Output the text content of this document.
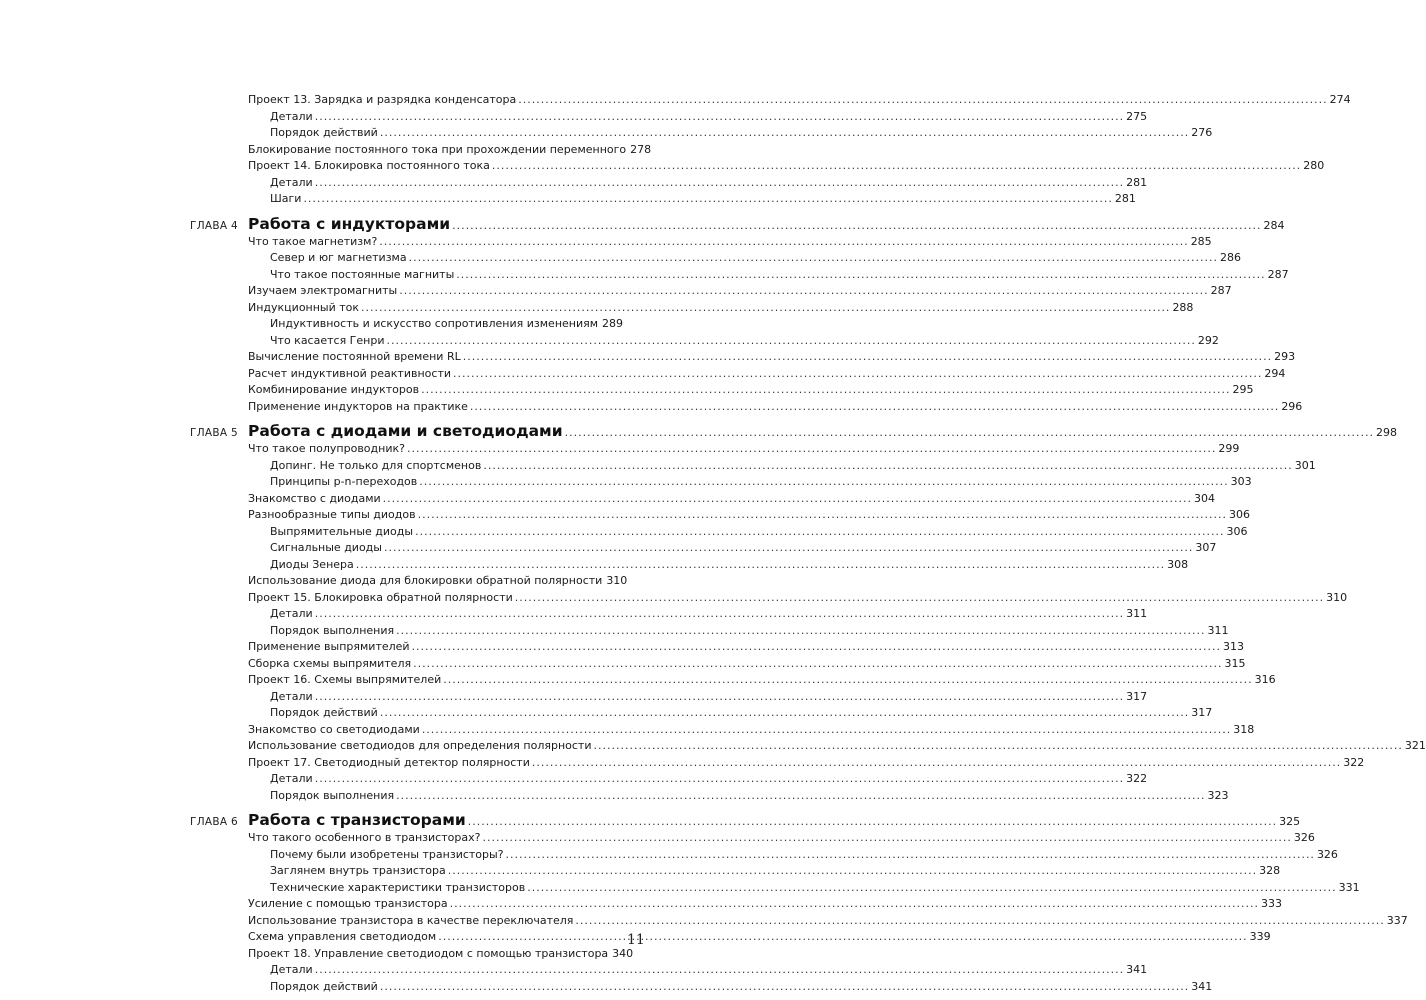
Проект 13. Зарядка и разрядка конденсатора .....	274
Детали .....	275
Порядок действий .....	276
Блокирование постоянного тока при прохождении переменного 278
Проект 14. Блокировка постоянного тока .....	280
Детали .....	281
Шаги .....	281
ГЛАВА 4 Работа с индукторами .....	284
Что такое магнетизм? .....	285
Север и юг магнетизма .....	286
Что такое постоянные магниты .....	287
Изучаем электромагниты .....	287
Индукционный ток .....	288
Индуктивность и искусство сопротивления изменениям 289
Что касается Генри .....	292
Вычисление постоянной времени RL .....	293
Расчет индуктивной реактивности .....	294
Комбинирование индукторов .....	295
Применение индукторов на практике .....	296
ГЛАВА 5 Работа с диодами и светодиодами .....	298
Что такое полупроводник? .....	299
Допинг. Не только для спортсменов .....	301
Принципы p-n-переходов .....	303
Знакомство с диодами .....	304
Разнообразные типы диодов .....	306
Выпрямительные диоды .....	306
Сигнальные диоды .....	307
Диоды Зенера .....	308
Использование диода для блокировки обратной полярности 310
Проект 15. Блокировка обратной полярности .....	310
Детали .....	311
Порядок выполнения .....	311
Применение выпрямителей .....	313
Сборка схемы выпрямителя .....	315
Проект 16. Схемы выпрямителей .....	316
Детали .....	317
Порядок действий .....	317
Знакомство со светодиодами .....	318
Использование светодиодов для определения полярности .....	321
Проект 17. Светодиодный детектор полярности .....	322
Детали .....	322
Порядок выполнения .....	323
ГЛАВА 6 Работа с транзисторами .....	325
Что такого особенного в транзисторах? .....	326
Почему были изобретены транзисторы? .....	326
Заглянем внутрь транзистора .....	328
Технические характеристики транзисторов .....	331
Усиление с помощью транзистора .....	333
Использование транзистора в качестве переключателя .....	337
Схема управления светодиодом .....	339
Проект 18. Управление светодиодом с помощью транзистора 340
Детали .....	341
Порядок действий .....	341
11
